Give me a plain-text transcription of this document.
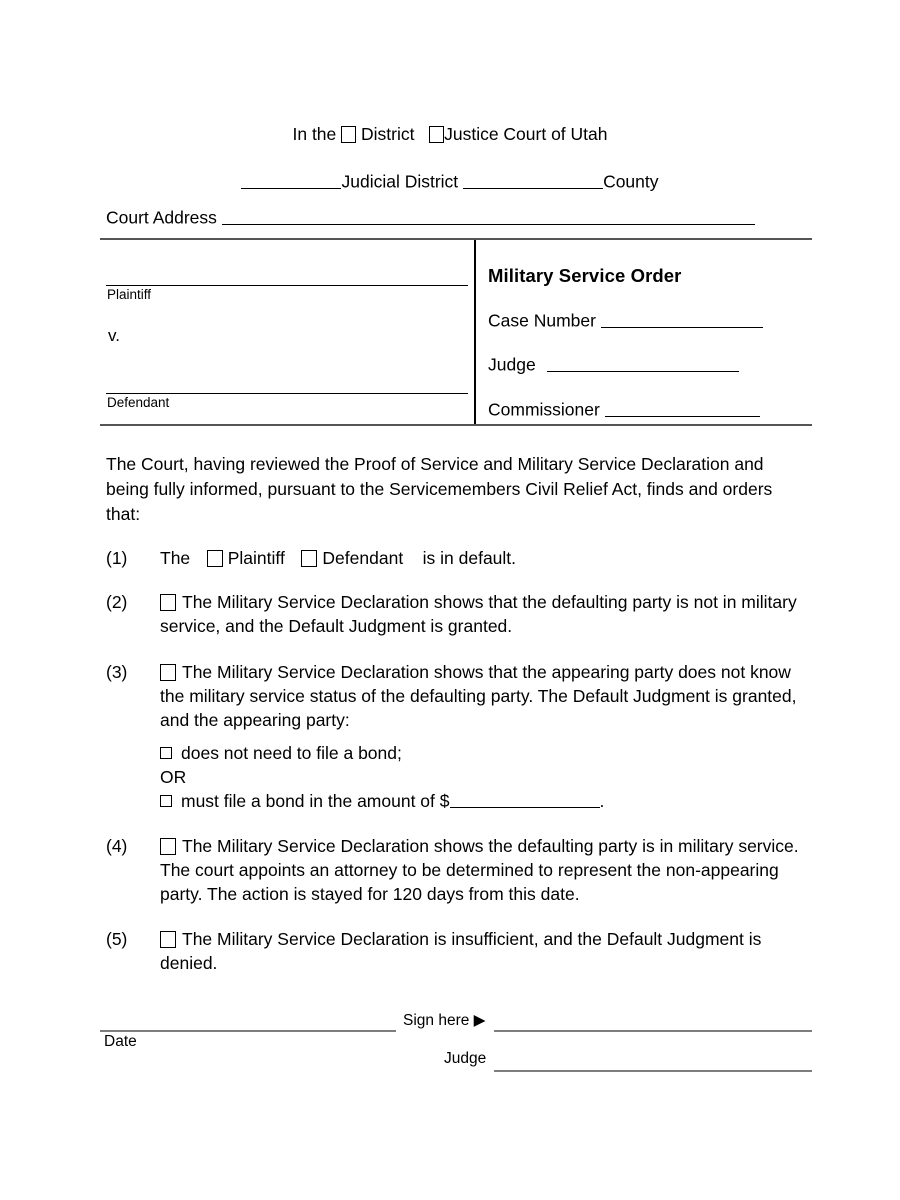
In the District Justice Court of Utah
Judicial District	County
Court Address
Plaintiff
v.
Defendant
Military Service Order
Case Number
Judge
Commissioner
The Court, having reviewed the Proof of Service and Military Service Declaration and being fully informed, pursuant to the Servicemembers Civil Relief Act, finds and orders that:
(1)	The Plaintiff Defendant is in default.
(2)	The Military Service Declaration shows that the defaulting party is not in military service, and the Default Judgment is granted.
(3)	The Military Service Declaration shows that the appearing party does not know the military service status of the defaulting party. The Default Judgment is granted, and the appearing party:
does not need to file a bond;
OR
must file a bond in the amount of $	.
(4)	The Military Service Declaration shows the defaulting party is in military service. The court appoints an attorney to be determined to represent the non-appearing party. The action is stayed for 120 days from this date.
(5)	The Military Service Declaration is insufficient, and the Default Judgment is denied.
Date
Sign here ▶
Judge
